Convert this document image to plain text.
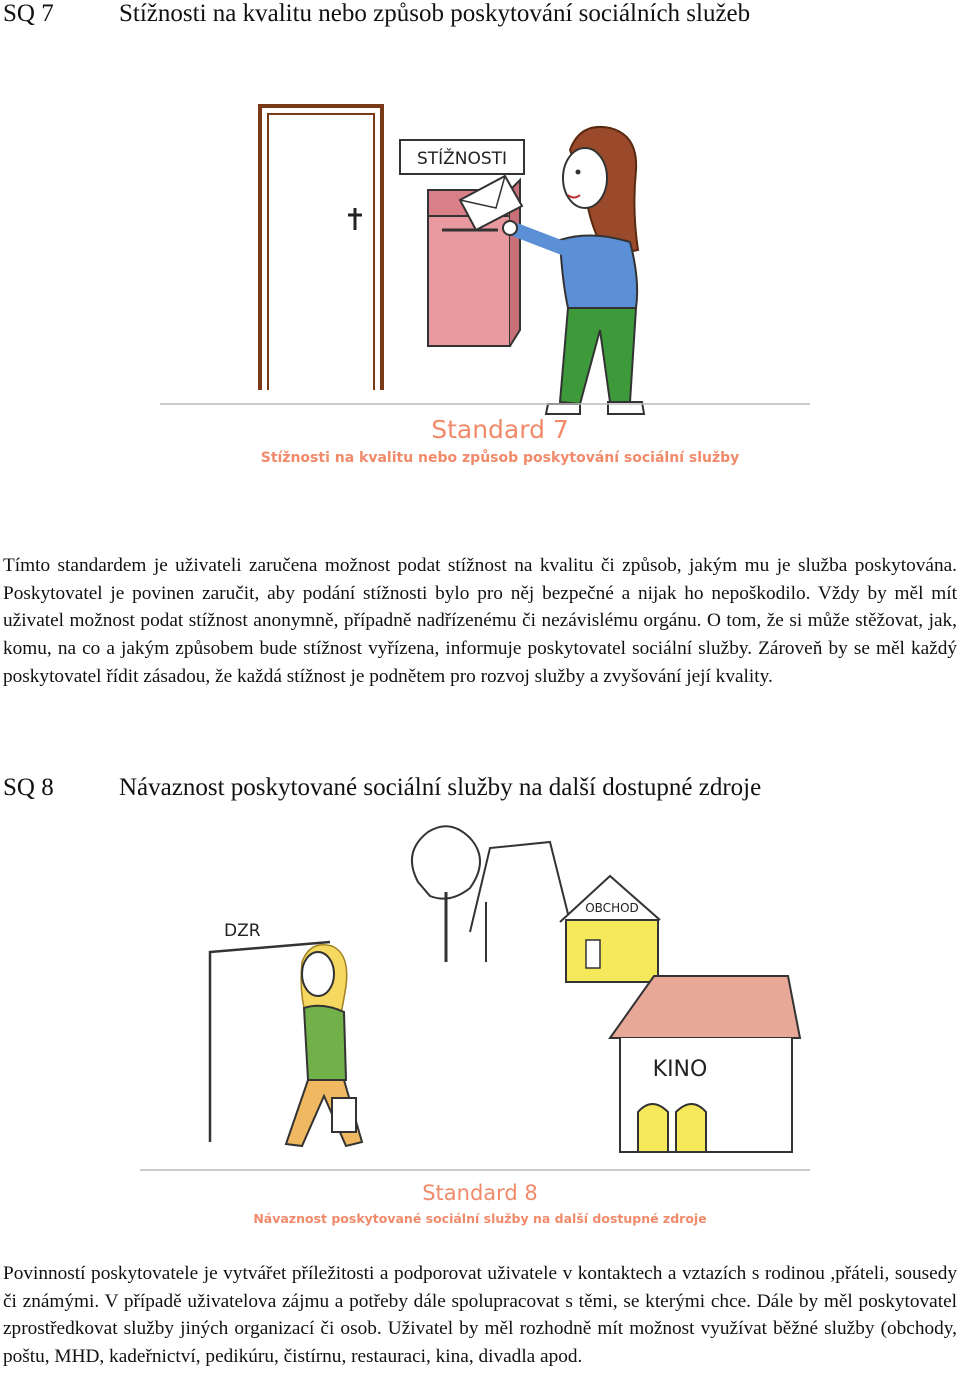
SQ 7	Stížnosti na kvalitu nebo způsob poskytování sociálních služeb
STÍŽNOSTI
Standard 7
Stížnosti na kvalitu nebo způsob poskytování sociální služby

Tímto standardem je uživateli zaručena možnost podat stížnost na kvalitu či způsob, jakým mu je služba poskytována. Poskytovatel je povinen zaručit, aby podání stížnosti bylo pro něj bezpečné a nijak ho nepoškodilo. Vždy by měl mít uživatel možnost podat stížnost anonymně, případně nadřízenému či nezávislému orgánu. O tom, že si může stěžovat, jak, komu, na co a jakým způsobem bude stížnost vyřízena, informuje poskytovatel sociální služby. Zároveň by se měl každý poskytovatel řídit zásadou, že každá stížnost je podnětem pro rozvoj služby a zvyšování její kvality.

SQ 8	Návaznost poskytované sociální služby na další dostupné zdroje
DZR
OBCHOD
KINO
Standard 8
Návaznost poskytované sociální služby na další dostupné zdroje

Povinností poskytovatele je vytvářet příležitosti a podporovat uživatele v kontaktech a vztazích s rodinou ,přáteli, sousedy či známými. V případě uživatelova zájmu a potřeby dále spolupracovat s těmi, se kterými chce. Dále by měl poskytovatel zprostředkovat služby jiných organizací či osob. Uživatel by měl rozhodně mít možnost využívat běžné služby (obchody, poštu, MHD, kadeřnictví, pedikúru, čistírnu, restauraci, kina, divadla apod.
